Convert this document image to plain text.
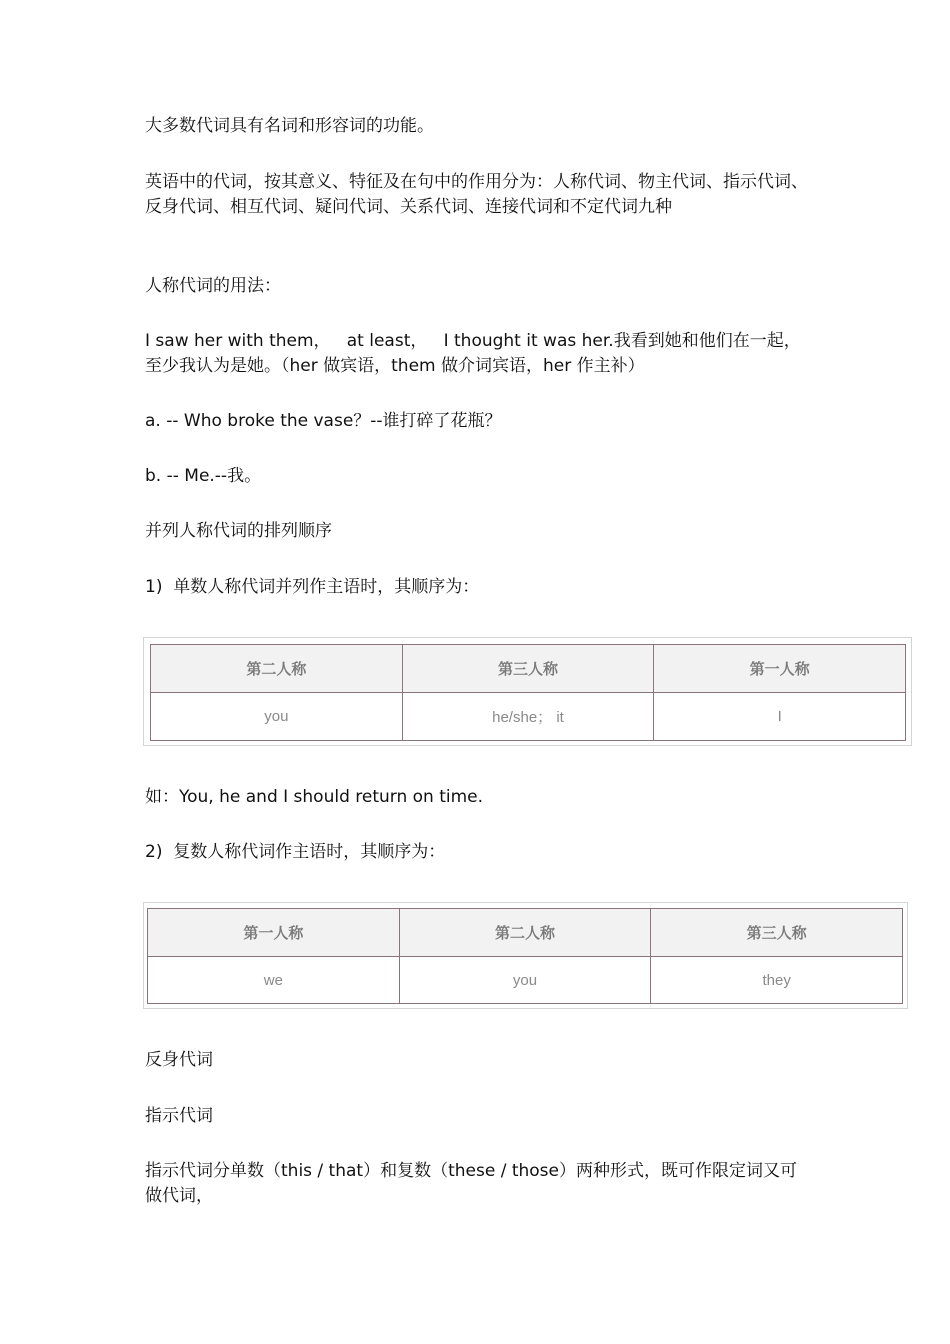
大多数代词具有名词和形容词的功能。

英语中的代词，按其意义、特征及在句中的作用分为：人称代词、物主代词、指示代词、反身代词、相互代词、疑问代词、关系代词、连接代词和不定代词九种

人称代词的用法：

I saw her with them，   at least，   I thought it was her.我看到她和他们在一起，至少我认为是她。（her 做宾语，them 做介词宾语，her 作主补）

a. -- Who broke the vase？--谁打碎了花瓶？

b. -- Me.--我。

并列人称代词的排列顺序

1)  单数人称代词并列作主语时，其顺序为：

第二人称	第三人称	第一人称
you	he/she； it	I

如：You, he and I should return on time.

2)  复数人称代词作主语时，其顺序为：

第一人称	第二人称	第三人称
we	you	they

反身代词

指示代词

指示代词分单数（this / that）和复数（these / those）两种形式，既可作限定词又可做代词，
